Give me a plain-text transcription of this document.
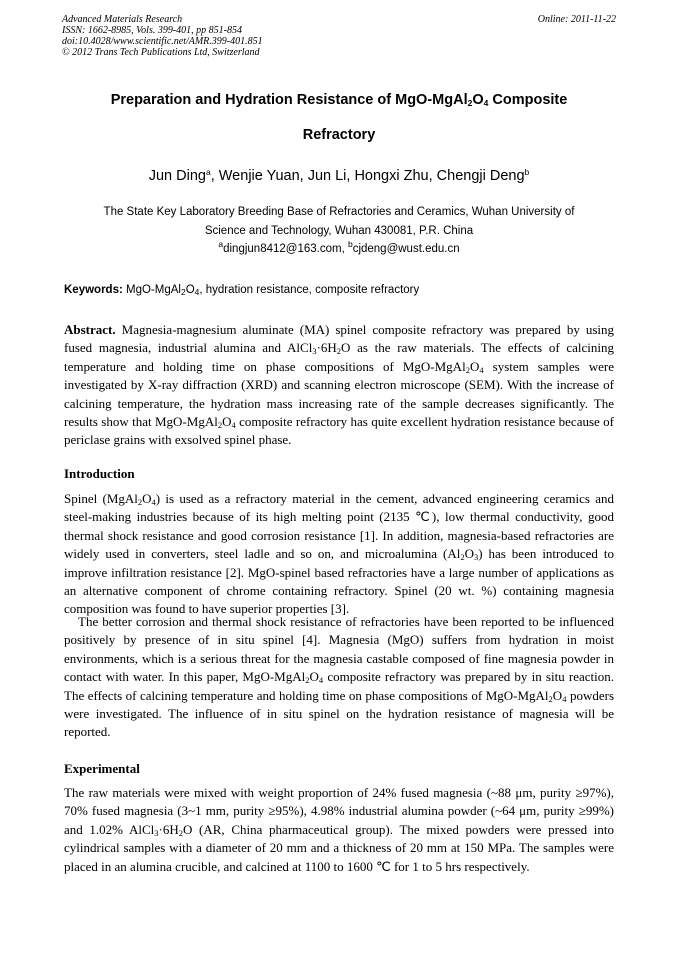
Advanced Materials Research
ISSN: 1662-8985, Vols. 399-401, pp 851-854
doi:10.4028/www.scientific.net/AMR.399-401.851
© 2012 Trans Tech Publications Ltd, Switzerland
Online: 2011-11-22
Preparation and Hydration Resistance of MgO-$MgAl_2O_4$ Composite
Refractory
Jun Ding$^a$, Wenjie Yuan, Jun Li, Hongxi Zhu, Chengji Deng$^b$
The State Key Laboratory Breeding Base of Refractories and Ceramics, Wuhan University of
Science and Technology, Wuhan 430081, P.R. China
$^a$dingjun8412@163.com, $^b$cjdeng@wust.edu.cn
Keywords: MgO-$MgAl_2O_4$, hydration resistance, composite refractory
Abstract. Magnesia-magnesium aluminate (MA) spinel composite refractory was prepared by using fused magnesia, industrial alumina and $AlCl_3\cdot 6H_2O$ as the raw materials. The effects of calcining temperature and holding time on phase compositions of MgO-$MgAl_2O_4$ system samples were investigated by X-ray diffraction (XRD) and scanning electron microscope (SEM). With the increase of calcining temperature, the hydration mass increasing rate of the sample decreases significantly. The results show that MgO-$MgAl_2O_4$ composite refractory has quite excellent hydration resistance because of periclase grains with exsolved spinel phase.
Introduction
Spinel $(MgAl_2O_4)$ is used as a refractory material in the cement, advanced engineering ceramics and steel-making industries because of its high melting point (2135 ℃), low thermal conductivity, good thermal shock resistance and good corrosion resistance [1]. In addition, magnesia-based refractories are widely used in converters, steel ladle and so on, and microalumina $(Al_2O_3)$ has been introduced to improve infiltration resistance [2]. MgO-spinel based refractories have a large number of applications as an alternative component of chrome containing refractory. Spinel (20 wt. %) containing magnesia composition was found to have superior properties [3].
The better corrosion and thermal shock resistance of refractories have been reported to be influenced positively by presence of in situ spinel [4]. Magnesia (MgO) suffers from hydration in moist environments, which is a serious threat for the magnesia castable composed of fine magnesia powder in contact with water. In this paper, MgO-$MgAl_2O_4$ composite refractory was prepared by in situ reaction. The effects of calcining temperature and holding time on phase compositions of MgO-$MgAl_2O_4$ powders were investigated. The influence of in situ spinel on the hydration resistance of magnesia will be reported.
Experimental
The raw materials were mixed with weight proportion of 24% fused magnesia (~88 μm, purity ≥97%), 70% fused magnesia (3~1 mm, purity ≥95%), 4.98% industrial alumina powder (~64 μm, purity ≥99%) and 1.02% $AlCl_3\cdot 6H_2O$ (AR, China pharmaceutical group). The mixed powders were pressed into cylindrical samples with a diameter of 20 mm and a thickness of 20 mm at 150 MPa. The samples were placed in an alumina crucible, and calcined at 1100 to 1600 ℃ for 1 to 5 hrs respectively.
